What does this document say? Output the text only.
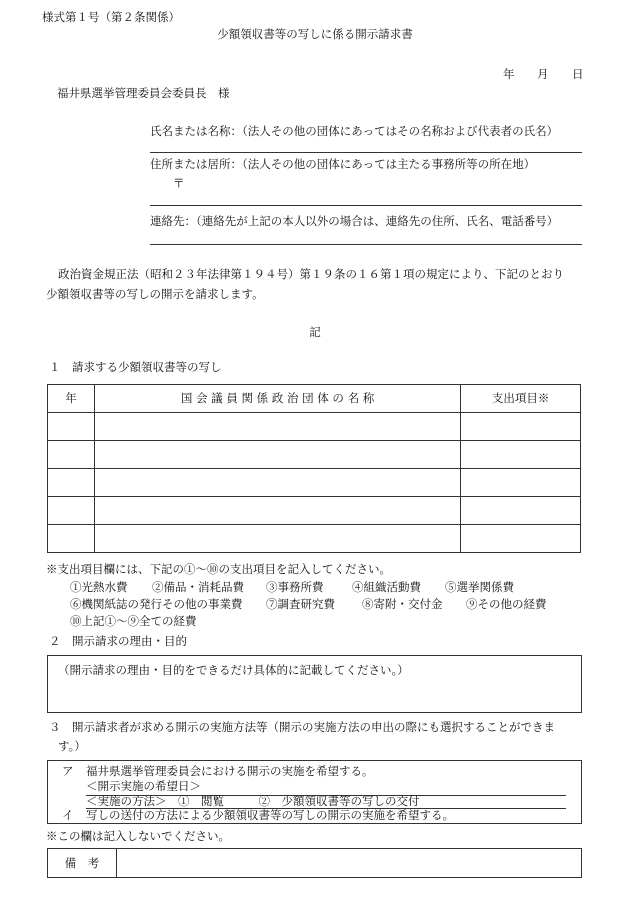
様式第１号（第２条関係）
少額領収書等の写しに係る開示請求書
年 月 日
福井県選挙管理委員会委員長　様
氏名または名称：（法人その他の団体にあってはその名称および代表者の氏名）
住所または居所：（法人その他の団体にあっては主たる事務所等の所在地）
〒
連絡先：（連絡先が上記の本人以外の場合は、連絡先の住所、氏名、電話番号）
政治資金規正法（昭和２３年法律第１９４号）第１９条の１６第１項の規定により、下記のとおり
少額領収書等の写しの開示を請求します。
記
１　請求する少額領収書等の写し
年	国 会 議 員 関 係 政 治 団 体 の 名 称	支出項目※

※支出項目欄には、下記の①～⑩の支出項目を記入してください。
①光熱水費 ②備品・消耗品費 ③事務所費 ④組織活動費 ⑤選挙関係費
⑥機関紙誌の発行その他の事業費 ⑦調査研究費 ⑧寄附・交付金 ⑨その他の経費
⑩上記①～⑨全ての経費
２　開示請求の理由・目的
（開示請求の理由・目的をできるだけ具体的に記載してください。）
３　開示請求者が求める開示の実施方法等（開示の実施方法の申出の際にも選択することができま
す。）
ア 福井県選挙管理委員会における開示の実施を希望する。
＜開示実施の希望日＞
＜実施の方法＞　①　閲覧　　　②　少額領収書等の写しの交付
イ 写しの送付の方法による少額領収書等の写しの開示の実施を希望する。
※この欄は記入しないでください。
備　考
